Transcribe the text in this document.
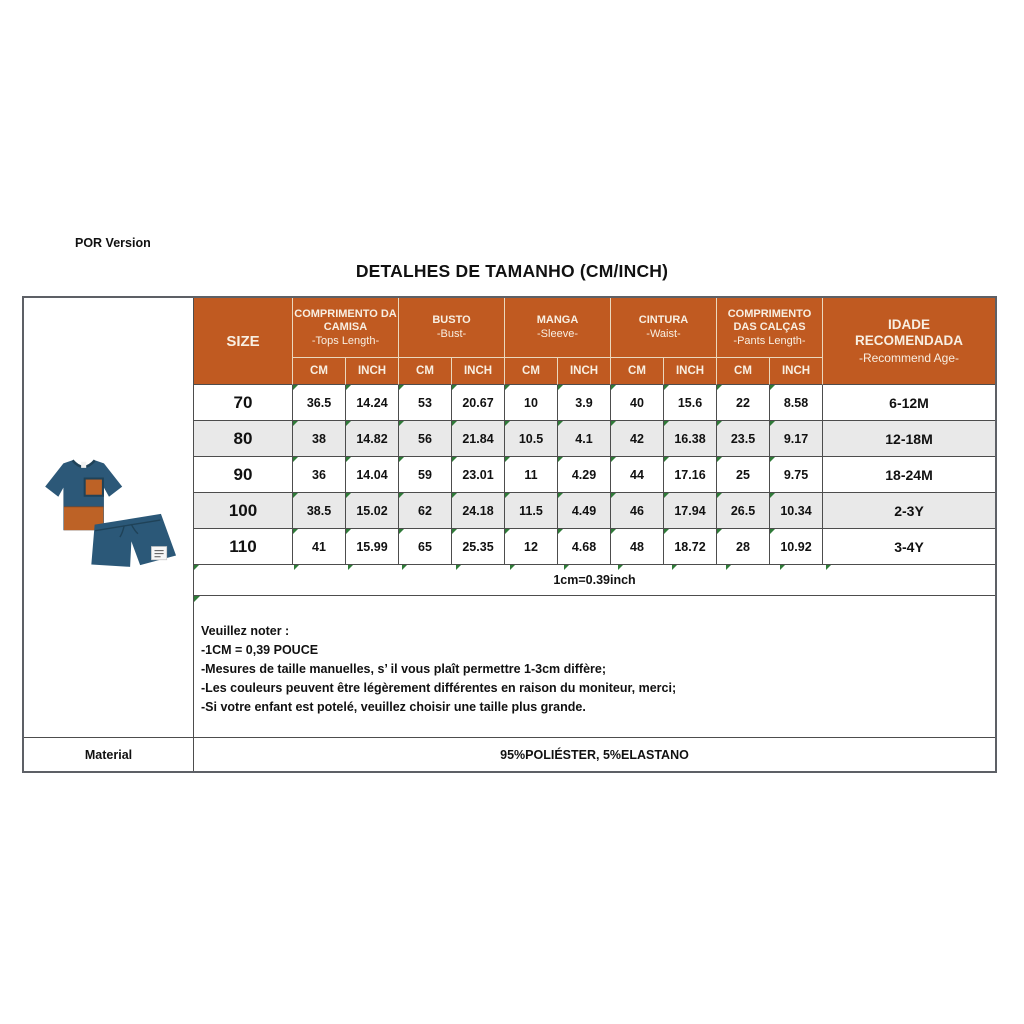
POR Version
DETALHES DE TAMANHO (CM/INCH)
	SIZE	
COMPRIMENTO DA CAMISA
-Tops Length-

BUSTO
-Bust-

MANGA
-Sleeve-

CINTURA
-Waist-

COMPRIMENTO DAS CALÇAS
-Pants Length-

IDADE RECOMENDADA
-Recommend Age-

		CM	INCH	CM	INCH	CM	INCH	CM	INCH	CM	INCH	
	70	36.5	14.24	53	20.67	10	3.9	40	15.6	22	8.58	6-12M
	80	38	14.82	56	21.84	10.5	4.1	42	16.38	23.5	9.17	12-18M
	90	36	14.04	59	23.01	11	4.29	44	17.16	25	9.75	18-24M
	100	38.5	15.02	62	24.18	11.5	4.49	46	17.94	26.5	10.34	2-3Y
	110	41	15.99	65	25.35	12	4.68	48	18.72	28	10.92	3-4Y

1cm=0.39inch											

	Veuillez noter :
-1CM = 0,39 POUCE
-Mesures de taille manuelles, s’ il vous plaît permettre 1-3cm diffère;
-Les couleurs peuvent être légèrement différentes en raison du moniteur, merci;
-Si votre enfant est potelé, veuillez choisir une taille plus grande.											

Material	95%POLIÉSTER, 5%ELASTANO											
